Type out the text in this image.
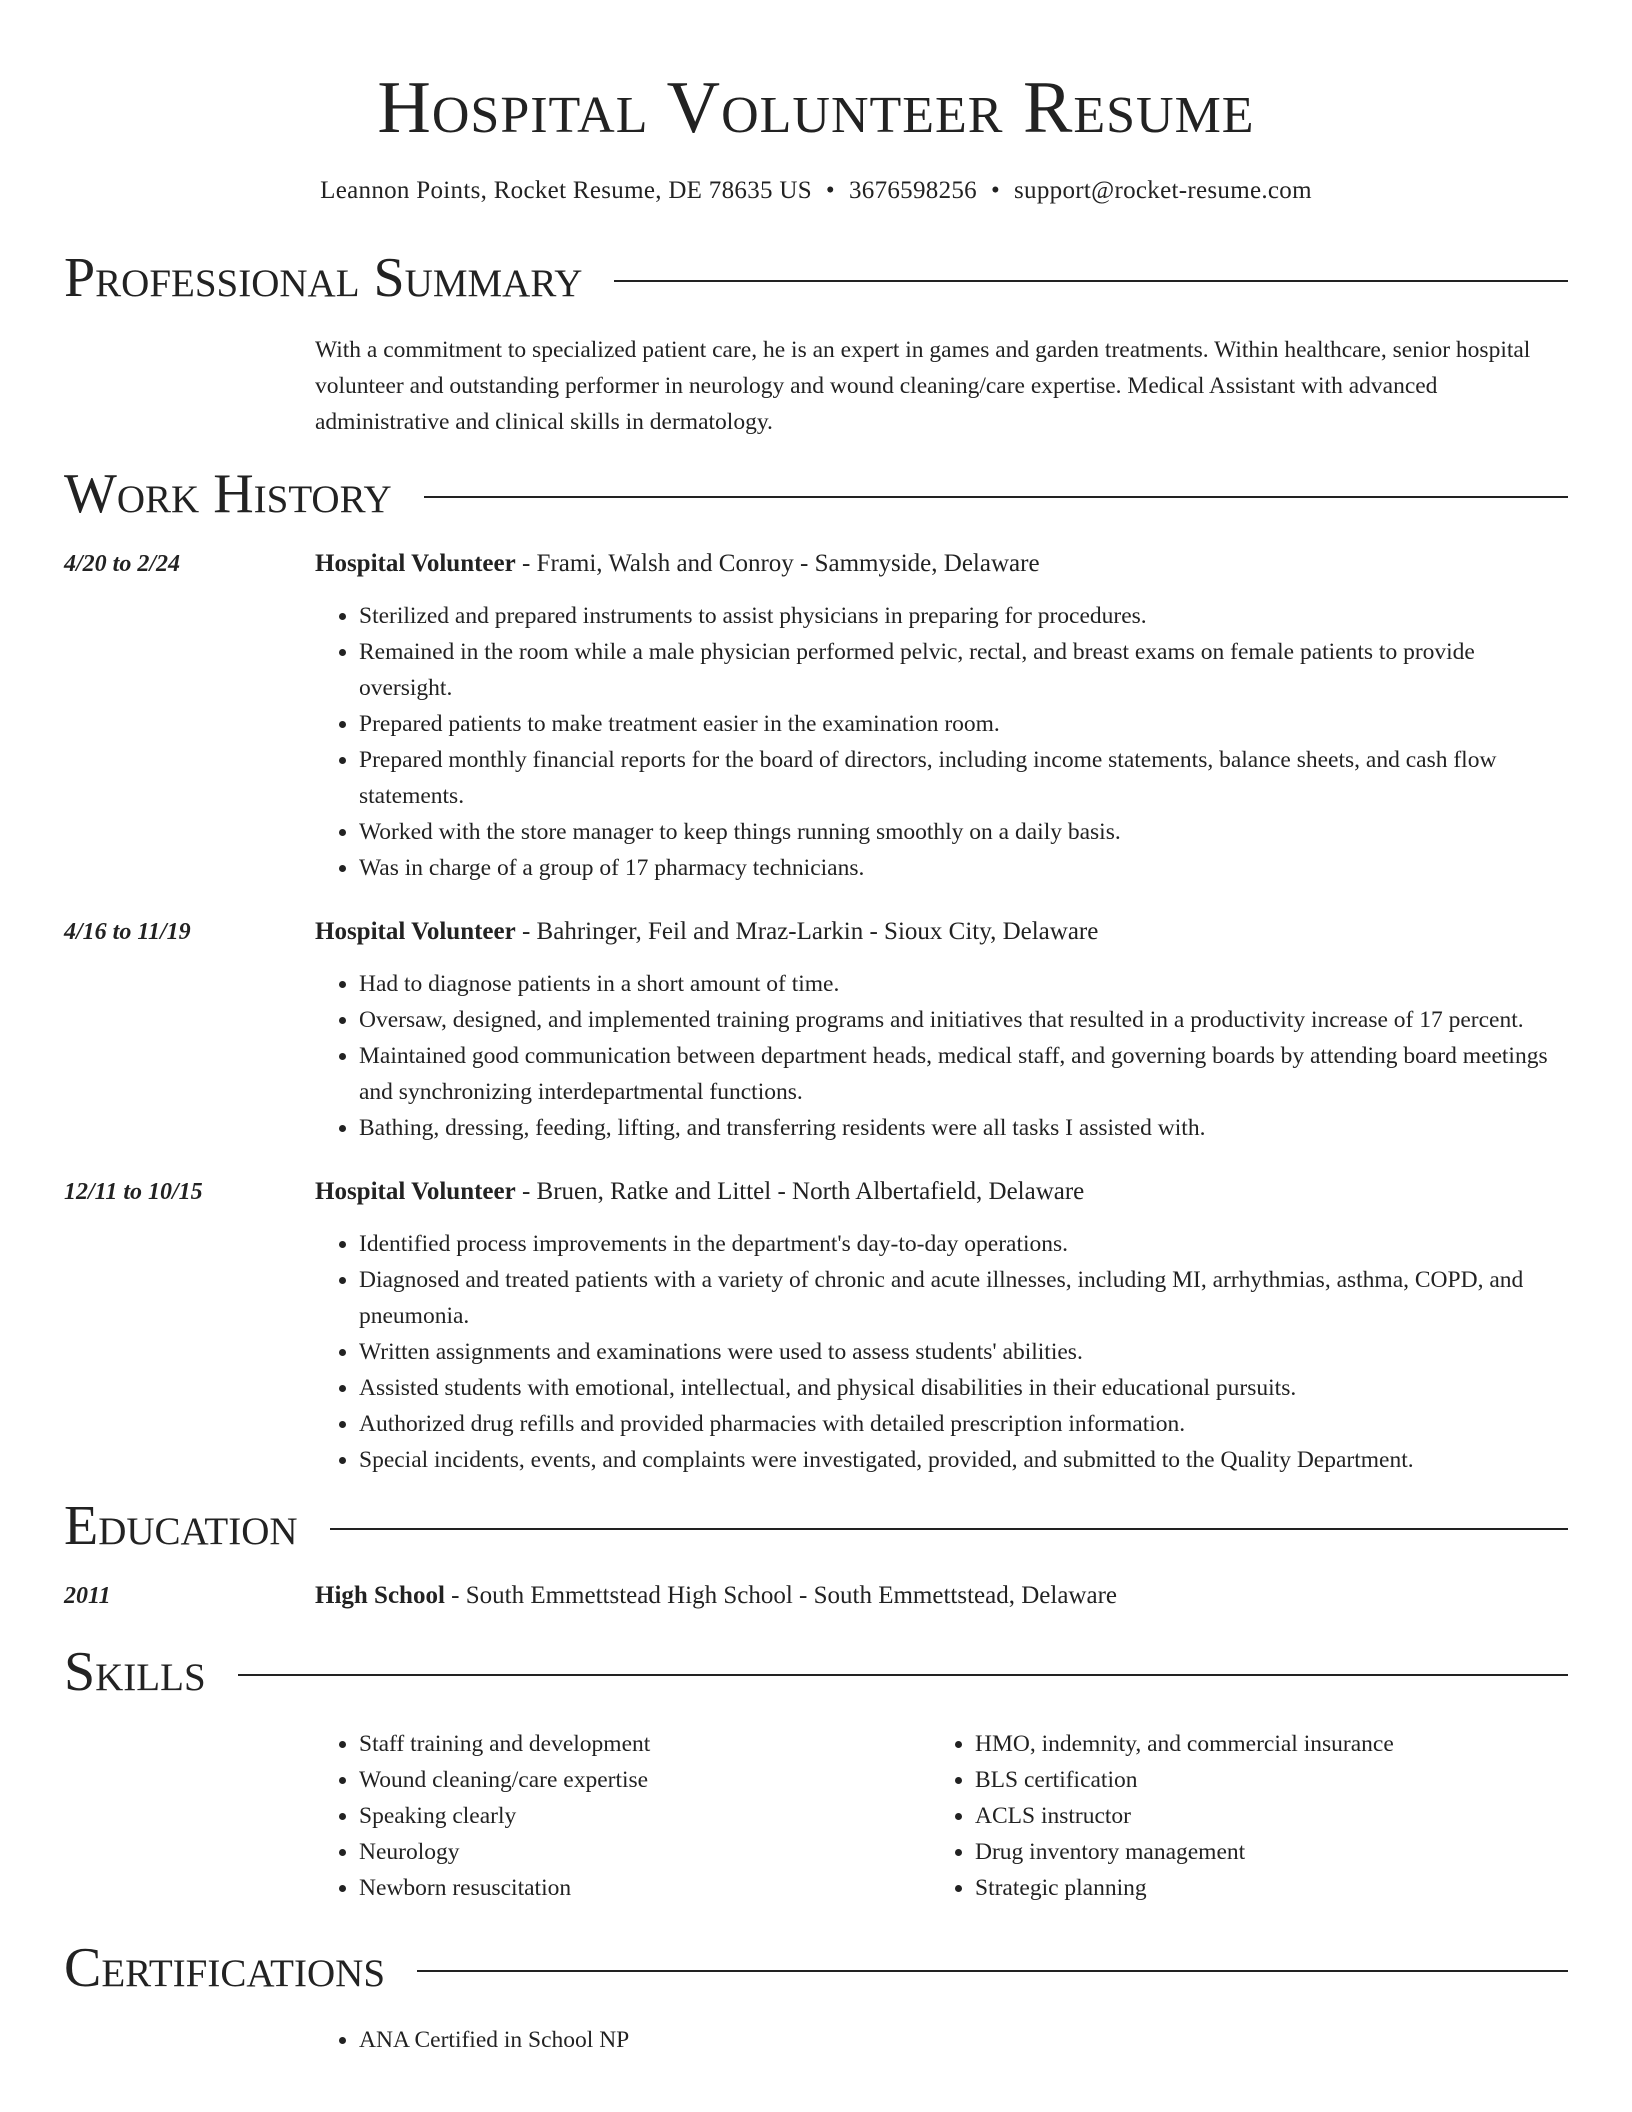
Hospital Volunteer Resume
Leannon Points, Rocket Resume, DE 78635 US • 3676598256 • support@rocket-resume.com
Professional Summary
With a commitment to specialized patient care, he is an expert in games and garden treatments. Within healthcare, senior hospital volunteer and outstanding performer in neurology and wound cleaning/care expertise. Medical Assistant with advanced administrative and clinical skills in dermatology.
Work History
4/20 to 2/24	Hospital Volunteer - Frami, Walsh and Conroy - Sammyside, Delaware
• Sterilized and prepared instruments to assist physicians in preparing for procedures.
• Remained in the room while a male physician performed pelvic, rectal, and breast exams on female patients to provide oversight.
• Prepared patients to make treatment easier in the examination room.
• Prepared monthly financial reports for the board of directors, including income statements, balance sheets, and cash flow statements.
• Worked with the store manager to keep things running smoothly on a daily basis.
• Was in charge of a group of 17 pharmacy technicians.
4/16 to 11/19	Hospital Volunteer - Bahringer, Feil and Mraz-Larkin - Sioux City, Delaware
• Had to diagnose patients in a short amount of time.
• Oversaw, designed, and implemented training programs and initiatives that resulted in a productivity increase of 17 percent.
• Maintained good communication between department heads, medical staff, and governing boards by attending board meetings and synchronizing interdepartmental functions.
• Bathing, dressing, feeding, lifting, and transferring residents were all tasks I assisted with.
12/11 to 10/15	Hospital Volunteer - Bruen, Ratke and Littel - North Albertafield, Delaware
• Identified process improvements in the department's day-to-day operations.
• Diagnosed and treated patients with a variety of chronic and acute illnesses, including MI, arrhythmias, asthma, COPD, and pneumonia.
• Written assignments and examinations were used to assess students' abilities.
• Assisted students with emotional, intellectual, and physical disabilities in their educational pursuits.
• Authorized drug refills and provided pharmacies with detailed prescription information.
• Special incidents, events, and complaints were investigated, provided, and submitted to the Quality Department.
Education
2011	High School - South Emmettstead High School - South Emmettstead, Delaware
Skills
• Staff training and development
• Wound cleaning/care expertise
• Speaking clearly
• Neurology
• Newborn resuscitation
• HMO, indemnity, and commercial insurance
• BLS certification
• ACLS instructor
• Drug inventory management
• Strategic planning
Certifications
• ANA Certified in School NP
